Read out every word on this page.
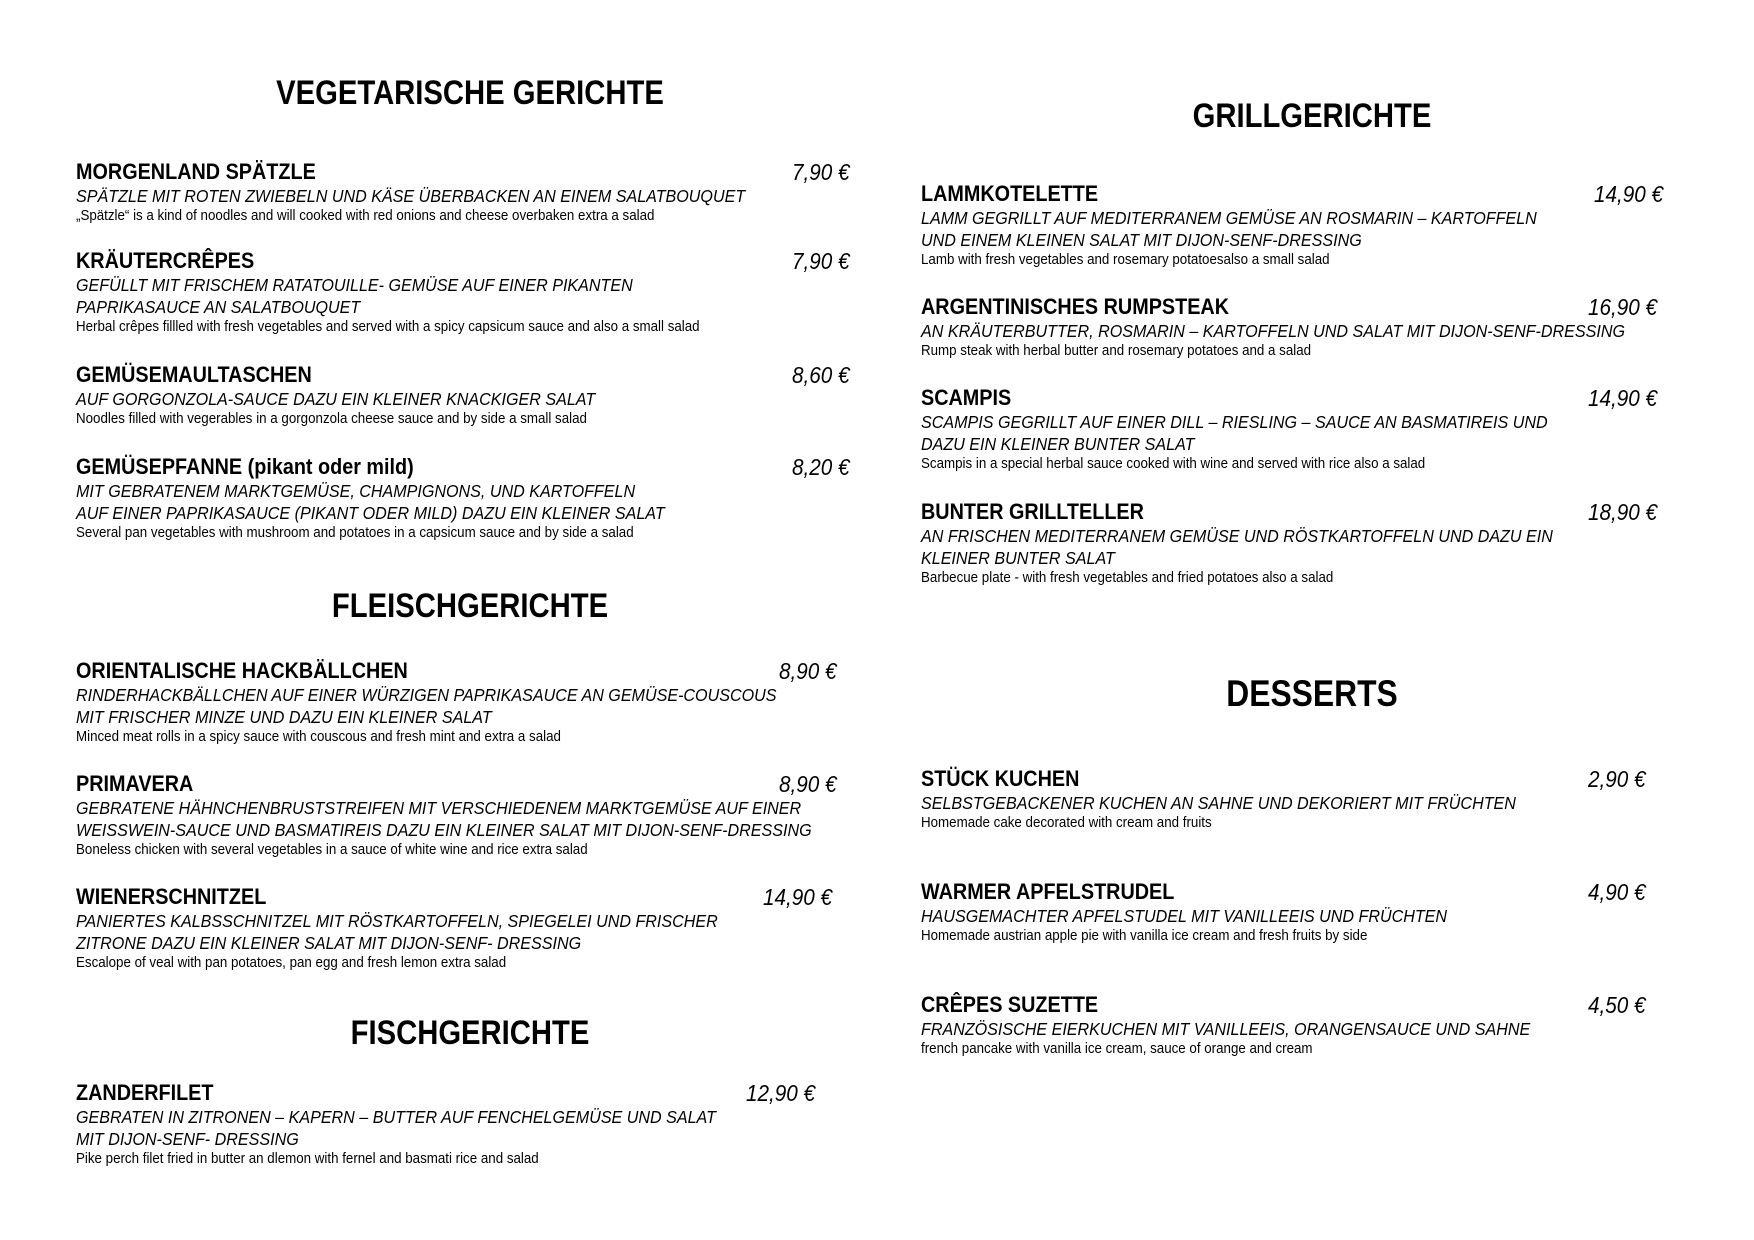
VEGETARISCHE GERICHTE
MORGENLAND SPÄTZLE	7,90 €
SPÄTZLE MIT ROTEN ZWIEBELN UND KÄSE ÜBERBACKEN AN EINEM SALATBOUQUET
„Spätzle“ is a kind of noodles and will cooked with red onions and cheese overbaken extra a salad
KRÄUTERCRÊPES	7,90 €
GEFÜLLT MIT FRISCHEM RATATOUILLE- GEMÜSE AUF EINER PIKANTEN
PAPRIKASAUCE AN SALATBOUQUET
Herbal crêpes fillled with fresh vegetables and served with a spicy capsicum sauce and also a small salad
GEMÜSEMAULTASCHEN	8,60 €
AUF GORGONZOLA-SAUCE DAZU EIN KLEINER KNACKIGER SALAT
Noodles filled with vegerables in a gorgonzola cheese sauce and by side a small salad
GEMÜSEPFANNE (pikant oder mild)	8,20 €
MIT GEBRATENEM MARKTGEMÜSE, CHAMPIGNONS, UND KARTOFFELN
AUF EINER PAPRIKASAUCE (PIKANT ODER MILD) DAZU EIN KLEINER SALAT
Several pan vegetables with mushroom and potatoes in a capsicum sauce and by side a salad
FLEISCHGERICHTE
ORIENTALISCHE HACKBÄLLCHEN	8,90 €
RINDERHACKBÄLLCHEN AUF EINER WÜRZIGEN PAPRIKASAUCE AN GEMÜSE-COUSCOUS
MIT FRISCHER MINZE UND DAZU EIN KLEINER SALAT
Minced meat rolls in a spicy sauce with couscous and fresh mint and extra a salad
PRIMAVERA	8,90 €
GEBRATENE HÄHNCHENBRUSTSTREIFEN MIT VERSCHIEDENEM MARKTGEMÜSE AUF EINER
WEISSWEIN-SAUCE UND BASMATIREIS DAZU EIN KLEINER SALAT MIT DIJON-SENF-DRESSING
Boneless chicken with several vegetables in a sauce of white wine and rice extra salad
WIENERSCHNITZEL	14,90 €
PANIERTES KALBSSCHNITZEL MIT RÖSTKARTOFFELN, SPIEGELEI UND FRISCHER
ZITRONE DAZU EIN KLEINER SALAT MIT DIJON-SENF- DRESSING
Escalope of veal with pan potatoes, pan egg and fresh lemon extra salad
FISCHGERICHTE
ZANDERFILET	12,90 €
GEBRATEN IN ZITRONEN – KAPERN – BUTTER AUF FENCHELGEMÜSE UND SALAT
MIT DIJON-SENF- DRESSING
Pike perch filet fried in butter an dlemon with fernel and basmati rice and salad
GRILLGERICHTE
LAMMKOTELETTE	14,90 €
LAMM GEGRILLT AUF MEDITERRANEM GEMÜSE AN ROSMARIN – KARTOFFELN
UND EINEM KLEINEN SALAT MIT DIJON-SENF-DRESSING
Lamb with fresh vegetables and rosemary potatoesalso a small salad
ARGENTINISCHES RUMPSTEAK	16,90 €
AN KRÄUTERBUTTER, ROSMARIN – KARTOFFELN UND SALAT MIT DIJON-SENF-DRESSING
Rump steak with herbal butter and rosemary potatoes and a salad
SCAMPIS	14,90 €
SCAMPIS GEGRILLT AUF EINER DILL – RIESLING – SAUCE AN BASMATIREIS UND
DAZU EIN KLEINER BUNTER SALAT
Scampis in a special herbal sauce cooked with wine and served with rice also a salad
BUNTER GRILLTELLER	18,90 €
AN FRISCHEN MEDITERRANEM GEMÜSE UND RÖSTKARTOFFELN UND DAZU EIN
KLEINER BUNTER SALAT
Barbecue plate - with fresh vegetables and fried potatoes also a salad
DESSERTS
STÜCK KUCHEN	2,90 €
SELBSTGEBACKENER KUCHEN AN SAHNE UND DEKORIERT MIT FRÜCHTEN
Homemade cake decorated with cream and fruits
WARMER APFELSTRUDEL	4,90 €
HAUSGEMACHTER APFELSTUDEL MIT VANILLEEIS UND FRÜCHTEN
Homemade austrian apple pie with vanilla ice cream and fresh fruits by side
CRÊPES SUZETTE	4,50 €
FRANZÖSISCHE EIERKUCHEN MIT VANILLEEIS, ORANGENSAUCE UND SAHNE
french pancake with vanilla ice cream, sauce of orange and cream
